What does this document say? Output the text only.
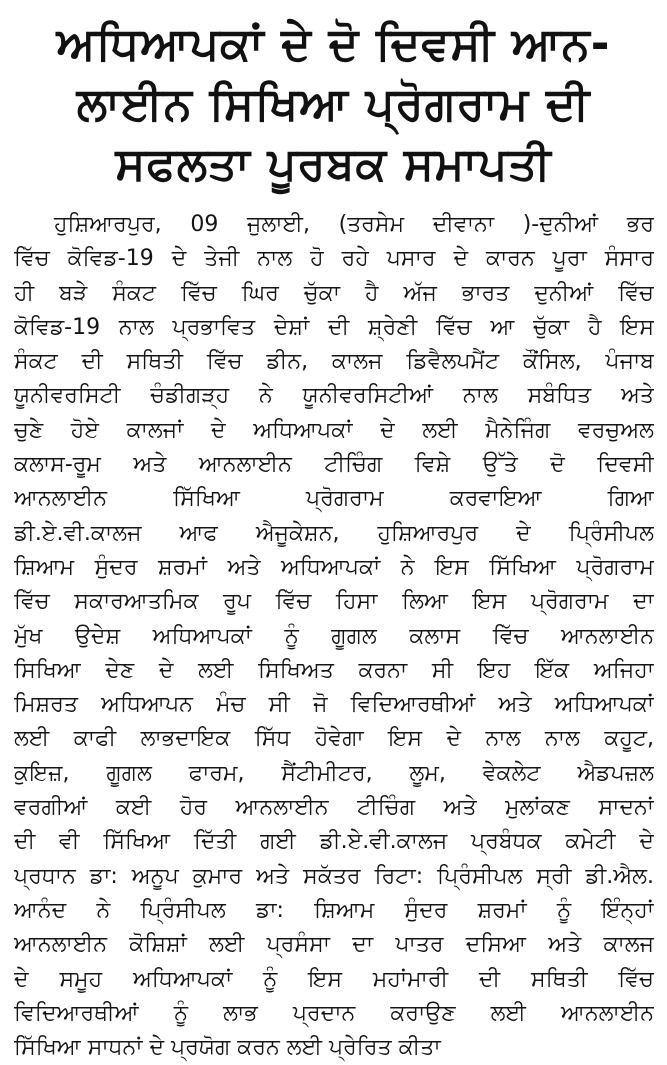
ਅਧਿਆਪਕਾਂ ਦੇ ਦੋ ਦਿਵਸੀ ਆਨ-
ਲਾਈਨ ਸਿਖਿਆ ਪ੍ਰੋਗਰਾਮ ਦੀ
ਸਫਲਤਾ ਪੂਰਬਕ ਸਮਾਪਤੀ
ਹੁਸ਼ਿਆਰਪੁਰ, 09 ਜੁਲਾਈ, (ਤਰਸੇਮ ਦੀਵਾਨਾ )-ਦੁਨੀਆਂ ਭਰ
ਵਿੱਚ ਕੋਵਿਡ-19 ਦੇ ਤੇਜੀ ਨਾਲ ਹੋ ਰਹੇ ਪਸਾਰ ਦੇ ਕਾਰਨ ਪੂਰਾ ਸੰਸਾਰ
ਹੀ ਬੜੇ ਸੰਕਟ ਵਿੱਚ ਘਿਰ ਚੁੱਕਾ ਹੈ ਅੱਜ ਭਾਰਤ ਦੁਨੀਆਂ ਵਿੱਚ
ਕੋਵਿਡ-19 ਨਾਲ ਪ੍ਰਭਾਵਿਤ ਦੇਸ਼ਾਂ ਦੀ ਸ਼੍ਰੇਣੀ ਵਿੱਚ ਆ ਚੁੱਕਾ ਹੈ ਇਸ
ਸੰਕਟ ਦੀ ਸਥਿਤੀ ਵਿੱਚ ਡੀਨ, ਕਾਲਜ ਡਿਵੈਲਪਮੈਂਟ ਕੌਂਸਿਲ, ਪੰਜਾਬ
ਯੂਨੀਵਰਸਿਟੀ ਚੰਡੀਗੜ੍ਹ ਨੇ ਯੂਨੀਵਰਸਿਟੀਆਂ ਨਾਲ ਸਬੰਧਿਤ ਅਤੇ
ਚੁਣੇ ਹੋਏ ਕਾਲਜਾਂ ਦੇ ਅਧਿਆਪਕਾਂ ਦੇ ਲਈ ਮੈਨੇਜਿੰਗ ਵਰਚੁਅਲ
ਕਲਾਸ-ਰੂਮ ਅਤੇ ਆਨਲਾਈਨ ਟੀਚਿੰਗ ਵਿਸ਼ੇ ਉੱਤੇ ਦੋ ਦਿਵਸੀ
ਆਨਲਾਈਨ ਸਿੱਖਿਆ ਪ੍ਰੋਗਰਾਮ ਕਰਵਾਇਆ ਗਿਆ
ਡੀ.ਏ.ਵੀ.ਕਾਲਜ ਆਫ ਐਜੂਕੇਸ਼ਨ, ਹੁਸ਼ਿਆਰਪੁਰ ਦੇ ਪ੍ਰਿੰਸੀਪਲ
ਸ਼ਿਆਮ ਸੁੰਦਰ ਸ਼ਰਮਾਂ ਅਤੇ ਅਧਿਆਪਕਾਂ ਨੇ ਇਸ ਸਿੱਖਿਆ ਪ੍ਰੋਗਰਾਮ
ਵਿੱਚ ਸਕਾਰਆਤਮਿਕ ਰੂਪ ਵਿੱਚ ਹਿਸਾ ਲਿਆ ਇਸ ਪ੍ਰੋਗਰਾਮ ਦਾ
ਮੁੱਖ ਉਦੇਸ਼ ਅਧਿਆਪਕਾਂ ਨੂੰ ਗੂਗਲ ਕਲਾਸ ਵਿੱਚ ਆਨਲਾਈਨ
ਸਿਖਿਆ ਦੇਣ ਦੇ ਲਈ ਸਿਖਿਅਤ ਕਰਨਾ ਸੀ ਇਹ ਇੱਕ ਅਜਿਹਾ
ਮਿਸ਼ਰਤ ਅਧਿਆਪਨ ਮੰਚ ਸੀ ਜੋ ਵਿਦਿਆਰਥੀਆਂ ਅਤੇ ਅਧਿਆਪਕਾਂ
ਲਈ ਕਾਫੀ ਲਾਭਦਾਇਕ ਸਿੱਧ ਹੋਵੇਗਾ ਇਸ ਦੇ ਨਾਲ ਨਾਲ ਕਹੂਟ,
ਕੁਇਜ਼, ਗੂਗਲ ਫਾਰਮ, ਸੈਂਟੀਮੀਟਰ, ਲੂਮ, ਵੇਕਲੇਟ ਐਡਪਜ਼ਲ
ਵਰਗੀਆਂ ਕਈ ਹੋਰ ਆਨਲਾਈਨ ਟੀਚਿੰਗ ਅਤੇ ਮੁਲਾਂਕਣ ਸਾਦਨਾਂ
ਦੀ ਵੀ ਸਿੱਖਿਆ ਦਿੱਤੀ ਗਈ ਡੀ.ਏ.ਵੀ.ਕਾਲਜ ਪ੍ਰਬੰਧਕ ਕਮੇਟੀ ਦੇ
ਪ੍ਰਧਾਨ ਡਾ: ਅਨੂਪ ਕੁਮਾਰ ਅਤੇ ਸਕੱਤਰ ਰਿਟਾ: ਪ੍ਰਿੰਸੀਪਲ ਸ੍ਰੀ ਡੀ.ਐਲ.
ਆਨੰਦ ਨੇ ਪ੍ਰਿੰਸੀਪਲ ਡਾ: ਸ਼ਿਆਮ ਸੁੰਦਰ ਸ਼ਰਮਾਂ ਨੂੰ ਇੰਨ੍ਹਾਂ
ਆਨਲਾਈਨ ਕੋਸ਼ਿਸ਼ਾਂ ਲਈ ਪ੍ਰਸੰਸਾ ਦਾ ਪਾਤਰ ਦਸਿਆ ਅਤੇ ਕਾਲਜ
ਦੇ ਸਮੂਹ ਅਧਿਆਪਕਾਂ ਨੂੰ ਇਸ ਮਹਾਂਮਾਰੀ ਦੀ ਸਥਿਤੀ ਵਿੱਚ
ਵਿਦਿਆਰਥੀਆਂ ਨੂੰ ਲਾਭ ਪ੍ਰਦਾਨ ਕਰਾਉਣ ਲਈ ਆਨਲਾਈਨ
ਸਿੱਖਿਆ ਸਾਧਨਾਂ ਦੇ ਪ੍ਰਯੋਗ ਕਰਨ ਲਈ ਪ੍ਰੇਰਿਤ ਕੀਤਾ
